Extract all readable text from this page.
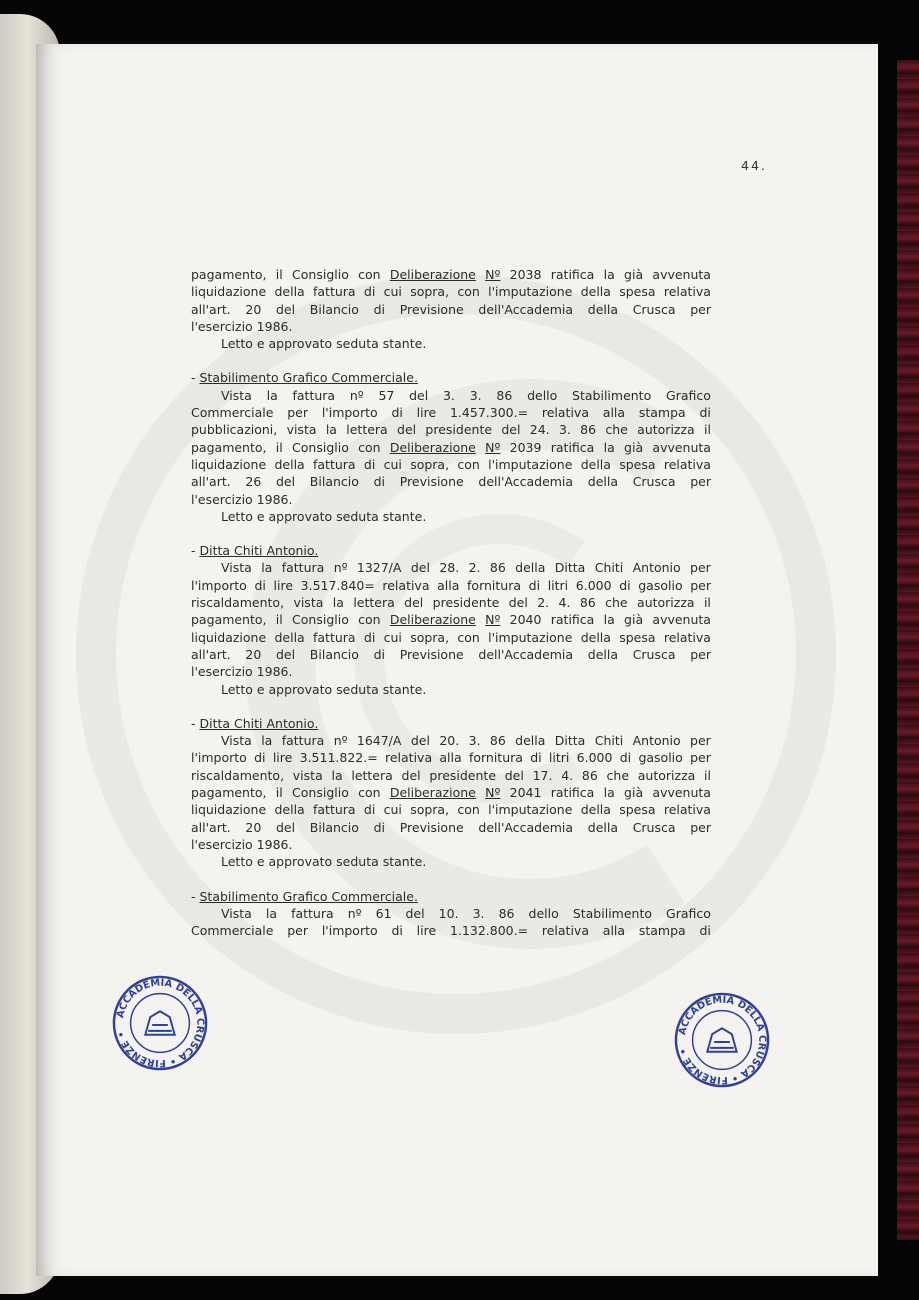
44.
pagamento, il Consiglio con Deliberazione Nº 2038 ratifica la già avvenuta
liquidazione della fattura di cui sopra, con l'imputazione della spesa relativa
all'art. 20 del Bilancio di Previsione dell'Accademia della Crusca per
l'esercizio 1986.
Letto e approvato seduta stante.
- Stabilimento Grafico Commerciale.
Vista la fattura nº 57 del 3. 3. 86 dello Stabilimento Grafico
Commerciale per l'importo di lire 1.457.300.= relativa alla stampa di
pubblicazioni, vista la lettera del presidente del 24. 3. 86 che autorizza il
pagamento, il Consiglio con Deliberazione Nº 2039 ratifica la già avvenuta
liquidazione della fattura di cui sopra, con l'imputazione della spesa relativa
all'art. 26 del Bilancio di Previsione dell'Accademia della Crusca per
l'esercizio 1986.
Letto e approvato seduta stante.
- Ditta Chiti Antonio.
Vista la fattura nº 1327/A del 28. 2. 86 della Ditta Chiti Antonio per
l'importo di lire 3.517.840= relativa alla fornitura di litri 6.000 di gasolio per
riscaldamento, vista la lettera del presidente del 2. 4. 86 che autorizza il
pagamento, il Consiglio con Deliberazione Nº 2040 ratifica la già avvenuta
liquidazione della fattura di cui sopra, con l'imputazione della spesa relativa
all'art. 20 del Bilancio di Previsione dell'Accademia della Crusca per
l'esercizio 1986.
Letto e approvato seduta stante.
- Ditta Chiti Antonio.
Vista la fattura nº 1647/A del 20. 3. 86 della Ditta Chiti Antonio per
l'importo di lire 3.511.822.= relativa alla fornitura di litri 6.000 di gasolio per
riscaldamento, vista la lettera del presidente del 17. 4. 86 che autorizza il
pagamento, il Consiglio con Deliberazione Nº 2041 ratifica la già avvenuta
liquidazione della fattura di cui sopra, con l'imputazione della spesa relativa
all'art. 20 del Bilancio di Previsione dell'Accademia della Crusca per
l'esercizio 1986.
Letto e approvato seduta stante.
- Stabilimento Grafico Commerciale.
Vista la fattura nº 61 del 10. 3. 86 dello Stabilimento Grafico
Commerciale per l'importo di lire 1.132.800.= relativa alla stampa di
ACCADEMIA DELLA CRUSCA • FIRENZE •	ACCADEMIA DELLA CRUSCA • FIRENZE •
